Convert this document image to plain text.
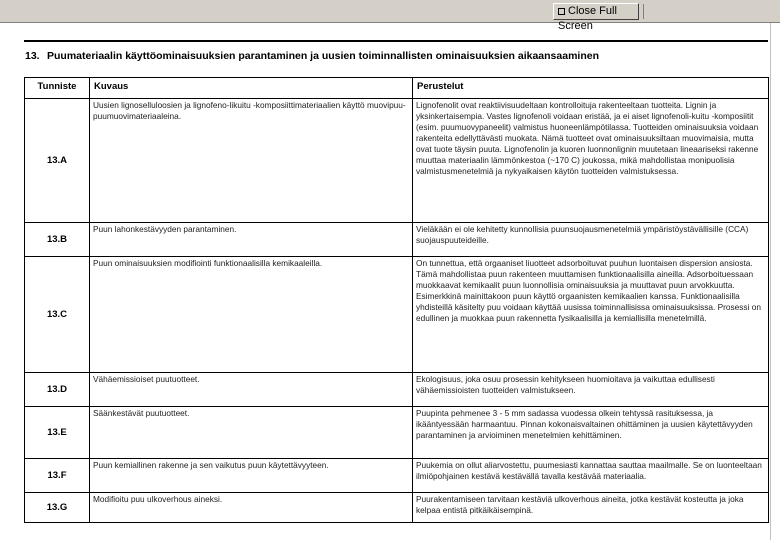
Close Full Screen
13. Puumateriaalin käyttöominaisuuksien parantaminen ja uusien toiminnallisten ominaisuuksien aikaansaaminen
Tunniste	Kuvaus	Perustelut
13.A	Uusien lignoselluloosien ja lignofeno-likuitu -komposiittimateriaalien käyttö muovipuu- puumuovimateriaaleina.	Lignofenolit ovat reaktiivisuudeltaan kontrolloituja rakenteeltaan tuotteita. Lignin ja yksinkertaisempia. Vastes lignofenoli voidaan eristää, ja ei aiset lignofenoli-kuitu -komposiitit (esim. puumuovypaneelit) valmistus huoneenlämpötilassa. Tuotteiden ominaisuuksia voidaan rakenteita edellyttävästi muokata. Nämä tuotteet ovat ominaisuuksiltaan muovimaisia, mutta ovat tuote täysin puuta. Lignofenolin ja kuoren luonnonlignin muutetaan lineaariseksi rakenne muuttaa materiaalin lämmönkestoa (~170 C) joukossa, mikä mahdollistaa monipuolisia valmistusmenetelmiä ja nykyaikaisen käytön tuotteiden valmistuksessa.
13.B	Puun lahonkestävyyden parantaminen.	Vieläkään ei ole kehitetty kunnollisia puunsuojausmenetelmiä ympäristöystävällisille (CCA) suojauspuuteideille.
13.C	Puun ominaisuuksien modifiointi funktionaalisilla kemikaaleilla.	On tunnettua, että orgaaniset liuotteet adsorboituvat puuhun luontaisen dispersion ansiosta. Tämä mahdollistaa puun rakenteen muuttamisen funktionaalisilla aineilla. Adsorboituessaan muokkaavat kemikaalit puun luonnollisia ominaisuuksia ja muuttavat puun arvokkuutta. Esimerkkinä mainittakoon puun käyttö orgaanisten kemikaalien kanssa. Funktionaalisilla yhdisteillä käsitelty puu voidaan käyttää uusissa toiminnallisissa ominaisuuksissa. Prosessi on edullinen ja muokkaa puun rakennetta fysikaalisilla ja kemiallisilla menetelmillä.
13.D	Vähäemissioiset puutuotteet.	Ekologisuus, joka osuu prosessin kehitykseen huomioitava ja vaikuttaa edullisesti vähäemissioisten tuotteiden valmistukseen.
13.E	Säänkestävät puutuotteet.	Puupinta pehmenee 3 - 5 mm sadassa vuodessa olkein tehtyssä rasituksessa, ja ikääntyessään harmaantuu. Pinnan kokonaisvaltainen ohittäminen ja uusien käytettävyyden parantaminen ja arvioiminen menetelmien kehittäminen.
13.F	Puun kemiallinen rakenne ja sen vaikutus puun käytettävyyteen.	Puukemia on ollut aliarvostettu, puumesiasti kannattaa sauttaa maailmalle. Se on luonteeltaan ilmiöpohjainen kestävä kestävällä tavalla kestävää materiaalia.
13.G	Modifioitu puu ulkoverhous aineksi.	Puurakentamiseen tarvitaan kestäviä ulkoverhous aineita, jotka kestävät kosteutta ja joka kelpaa entistä pitkäikäisempinä.
